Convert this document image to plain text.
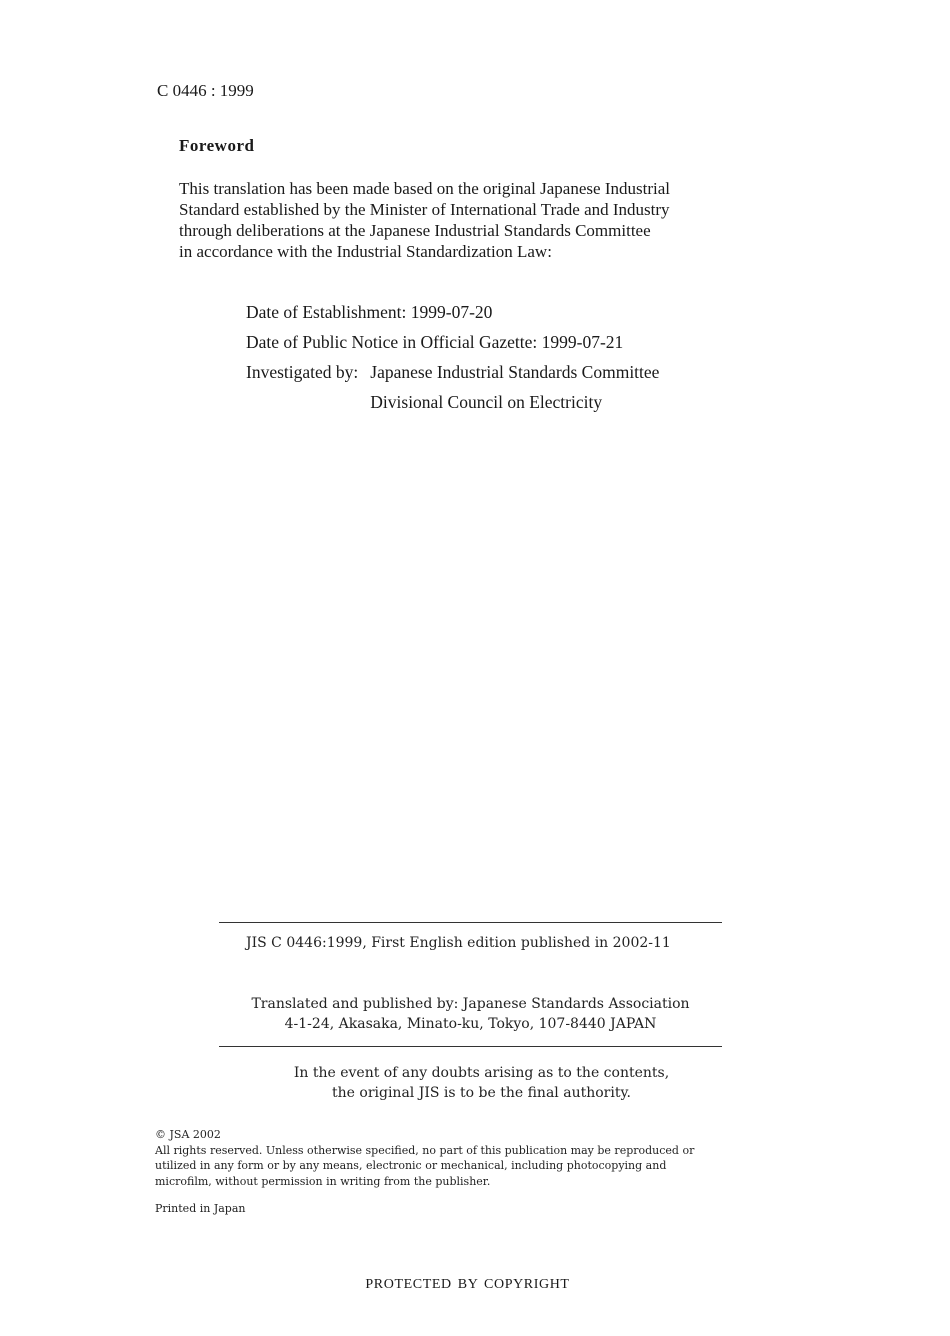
C 0446 : 1999
Foreword
This translation has been made based on the original Japanese Industrial
Standard established by the Minister of International Trade and Industry
through deliberations at the Japanese Industrial Standards Committee
in accordance with the Industrial Standardization Law:
Date of Establishment: 1999-07-20
Date of Public Notice in Official Gazette: 1999-07-21
Investigated by: Japanese Industrial Standards Committee
Divisional Council on Electricity
JIS C 0446:1999, First English edition published in 2002-11
Translated and published by: Japanese Standards Association
4-1-24, Akasaka, Minato-ku, Tokyo, 107-8440 JAPAN
In the event of any doubts arising as to the contents,
the original JIS is to be the final authority.
© JSA 2002
All rights reserved. Unless otherwise specified, no part of this publication may be reproduced or
utilized in any form or by any means, electronic or mechanical, including photocopying and
microfilm, without permission in writing from the publisher.
Printed in Japan
PROTECTED BY COPYRIGHT
